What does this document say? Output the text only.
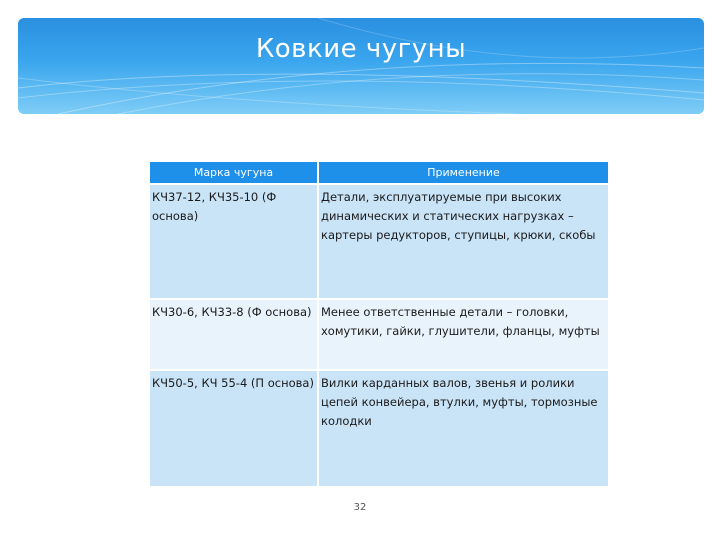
Ковкие чугуны
Марка чугуна	Применение
КЧ37-12, КЧ35-10 (Ф основа)	Детали, эксплуатируемые при высоких динамических и статических нагрузках – картеры редукторов, ступицы, крюки, скобы
КЧ30-6, КЧ33-8 (Ф основа)	Менее ответственные детали – головки, хомутики, гайки, глушители, фланцы, муфты
КЧ50-5, КЧ 55-4 (П основа)	Вилки карданных валов, звенья и ролики цепей конвейера, втулки, муфты, тормозные колодки
32
